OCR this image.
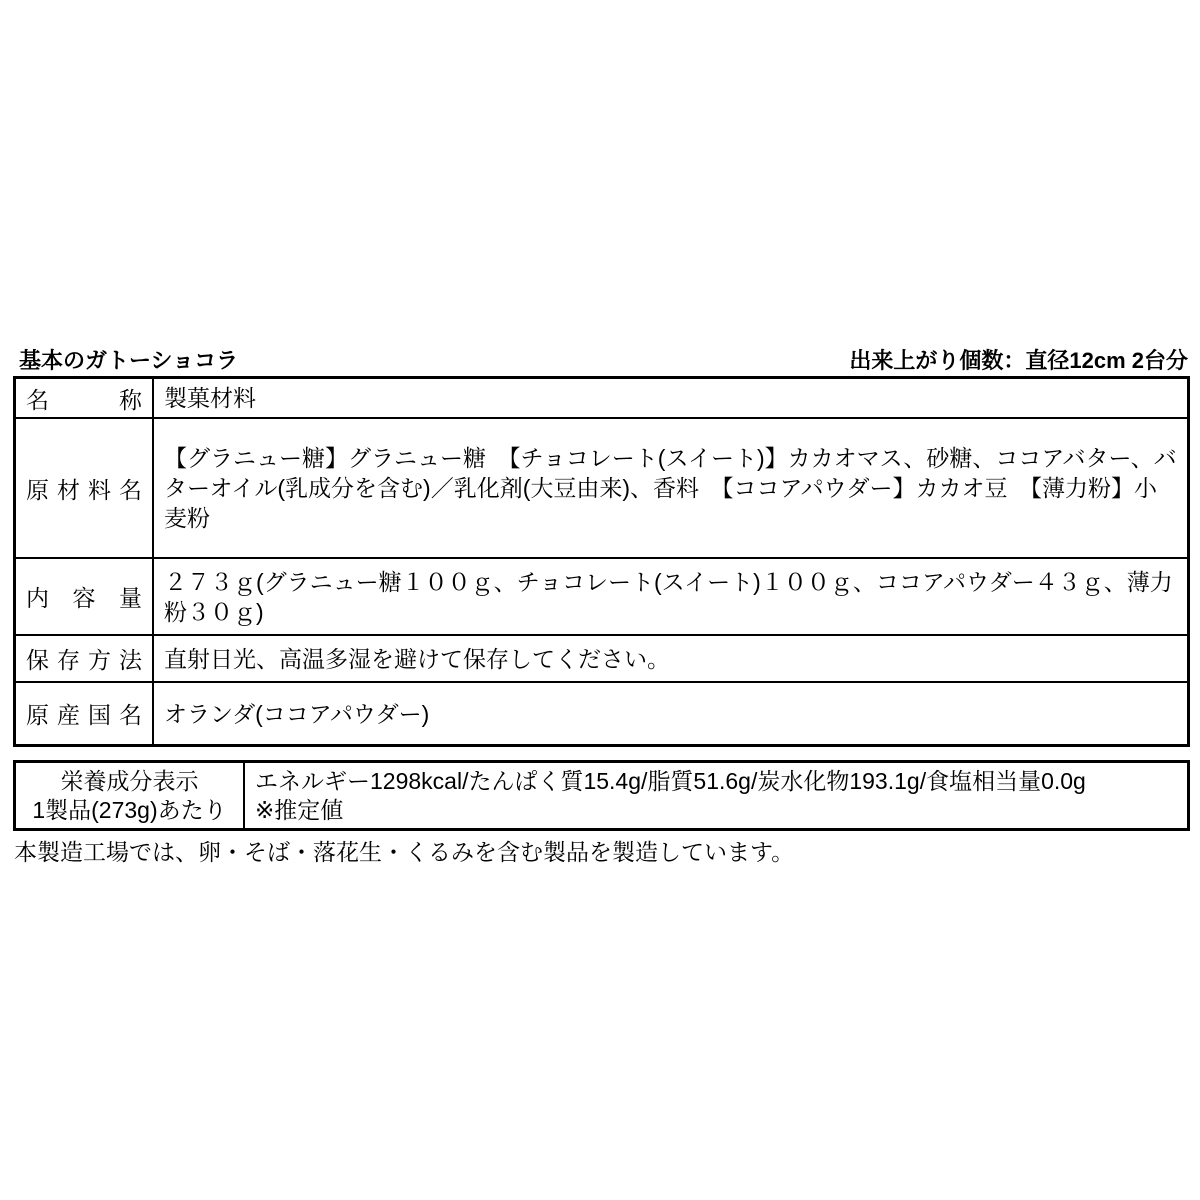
基本のガトーショコラ	出来上がり個数：直径12cm 2台分
名	称 製菓材料
原 材 料 名
【グラニュー糖】グラニュー糖　【チョコレート(スイート)】カカオマス、砂糖、ココアバター、バターオイル(乳成分を含む)／乳化剤(大豆由来)、香料　【ココアパウダー】カカオ豆　【薄力粉】小麦粉
内 容 量
２７３ｇ(グラニュー糖１００ｇ、チョコレート(スイート)１００ｇ、ココアパウダー４３ｇ、薄力粉３０ｇ)
保 存 方 法 直射日光、高温多湿を避けて保存してください。
原 産 国 名 オランダ(ココアパウダー)
栄養成分表示
1製品(273g)あたり
エネルギー1298kcal/たんぱく質15.4g/脂質51.6g/炭水化物193.1g/食塩相当量0.0g
※推定値
本製造工場では、卵・そば・落花生・くるみを含む製品を製造しています。
